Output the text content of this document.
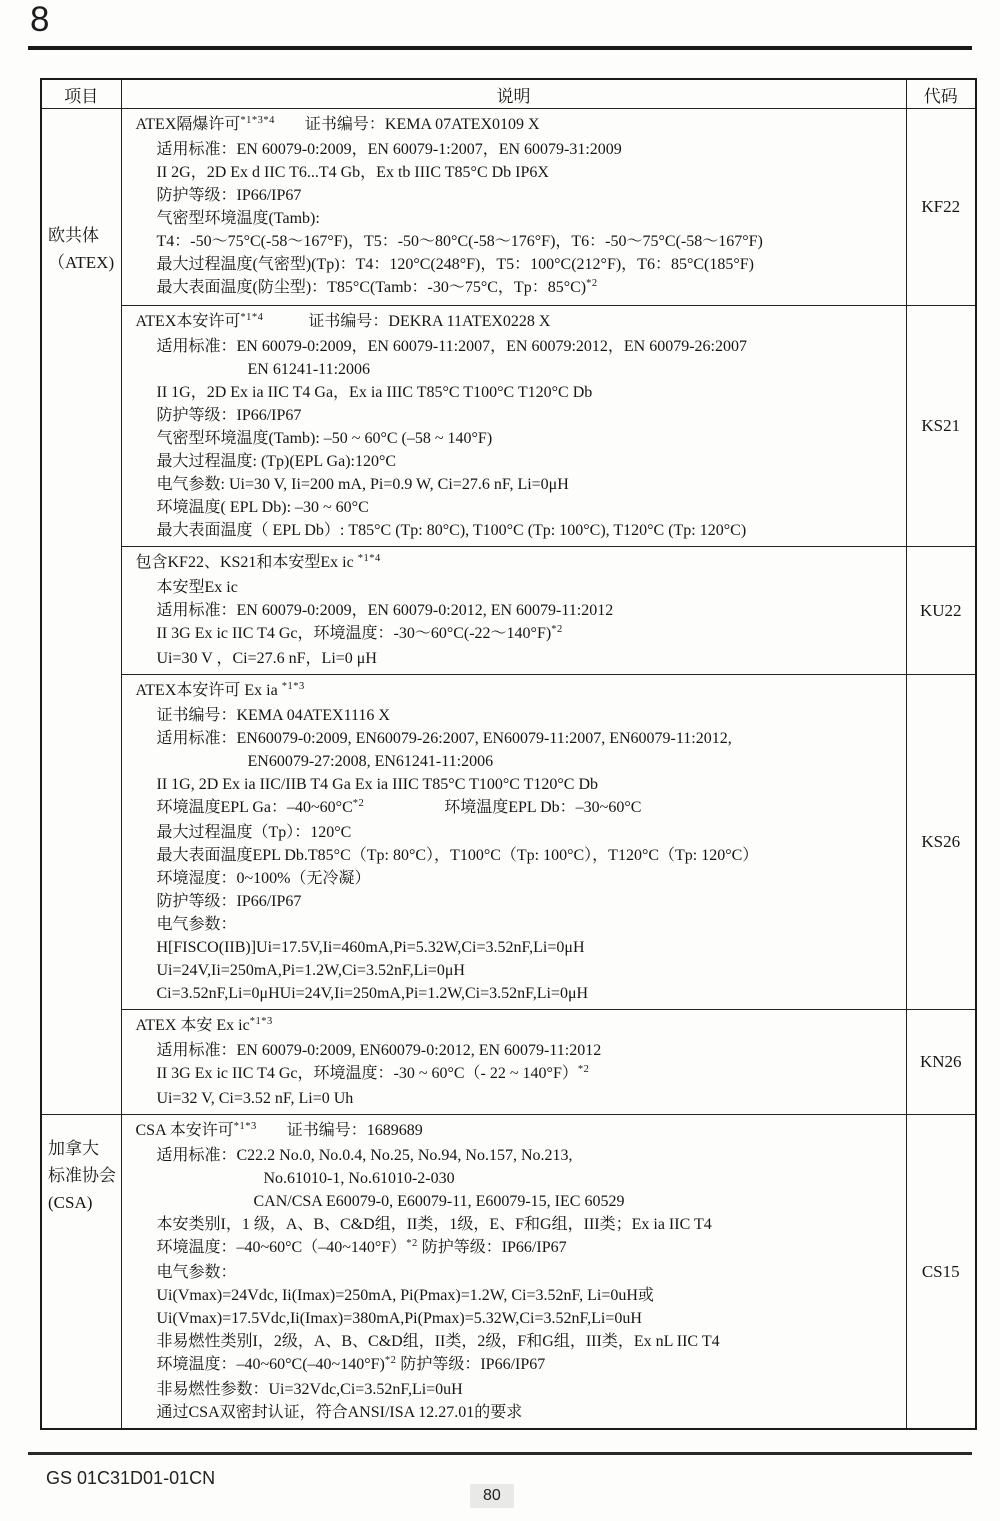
8
项目	说明	代码

欧共体
（ATEX)

ATEX隔爆许可$^{*1*3*4}$ 证书编号：KEMA 07ATEX0109 X
适用标准：EN 60079-0:2009，EN 60079-1:2007，EN 60079-31:2009
II 2G，2D Ex d IIC T6...T4 Gb，Ex tb IIIC T85°C Db IP6X
防护等级：IP66/IP67
气密型环境温度(Tamb):
T4：-50～75°C(-58～167°F)，T5：-50～80°C(-58～176°F)，T6：-50～75°C(-58～167°F)
最大过程温度(气密型)(Tp)：T4：120°C(248°F)，T5：100°C(212°F)，T6：85°C(185°F)
最大表面温度(防尘型)：T85°C(Tamb：-30～75°C，Tp：85°C)$^{*2}$
	KF22

ATEX本安许可$^{*1*4}$	证书编号：DEKRA 11ATEX0228 X
适用标准：EN 60079-0:2009，EN 60079-11:2007，EN 60079:2012，EN 60079-26:2007
EN 61241-11:2006
II 1G，2D Ex ia IIC T4 Ga，Ex ia IIIC T85°C T100°C T120°C Db
防护等级：IP66/IP67
气密型环境温度(Tamb): –50 ~ 60°C (–58 ~ 140°F)
最大过程温度: (Tp)(EPL Ga):120°C
电气参数: Ui=30 V, Ii=200 mA, Pi=0.9 W, Ci=27.6 nF, Li=0μH
环境温度( EPL Db): –30 ~ 60°C
最大表面温度（ EPL Db）: T85°C (Tp: 80°C), T100°C (Tp: 100°C), T120°C (Tp: 120°C)
	KS21

	包含KF22、KS21和本安型Ex ic $^{*1*4}$
本安型Ex ic
适用标准：EN 60079-0:2009，EN 60079-0:2012, EN 60079-11:2012
II 3G Ex ic IIC T4 Gc，环境温度：-30～60°C(-22～140°F)$^{*2}$
Ui=30 V ，Ci=27.6 nF，Li=0 μH	KU22

ATEX本安许可 Ex ia $^{*1*3}$
证书编号：KEMA 04ATEX1116 X
适用标准：EN60079-0:2009, EN60079-26:2007, EN60079-11:2007, EN60079-11:2012,
EN60079-27:2008, EN61241-11:2006
II 1G, 2D Ex ia IIC/IIB T4 Ga Ex ia IIIC T85°C T100°C T120°C Db
环境温度EPL Ga：$-40\sim 60^\circ C^{*2}$	环境温度EPL Db：–30~60°C
最大过程温度（Tp）：120°C
最大表面温度EPL Db.T85°C（Tp: 80°C），T100°C（Tp: 100°C），T120°C（Tp: 120°C）
环境湿度：0~100%（无冷凝）
防护等级：IP66/IP67
电气参数：
H[FISCO(IIB)]Ui=17.5V,Ii=460mA,Pi=5.32W,Ci=3.52nF,Li=0μH
Ui=24V,Ii=250mA,Pi=1.2W,Ci=3.52nF,Li=0μH
Ci=3.52nF,Li=0μHUi=24V,Ii=250mA,Pi=1.2W,Ci=3.52nF,Li=0μH
	KS26

	ATEX 本安 Ex $ic^{*1*3}$
适用标准：EN 60079-0:2009, EN60079-0:2012, EN 60079-11:2012
II 3G Ex ic IIC T4 Gc，环境温度：-30 ~ 60°C（- 22 ~ 140°F）$^{*2}$
Ui=32 V, Ci=3.52 nF, Li=0 Uh	KN26

加拿大
标准协会
(CSA)

CSA 本安许可$^{*1*3}$ 证书编号：1689689
适用标准：C22.2 No.0, No.0.4, No.25, No.94, No.157, No.213,
No.61010-1, No.61010-2-030
CAN/CSA E60079-0, E60079-11, E60079-15, IEC 60529
本安类别I，1 级，A、B、C&D组，II类，1级，E、F和G组，III类；Ex ia IIC T4
环境温度：–40~60°C（–40~140°F）$^{*2}$ 防护等级：IP66/IP67
电气参数：
Ui(Vmax)=24Vdc, Ii(Imax)=250mA, Pi(Pmax)=1.2W, Ci=3.52nF, Li=0uH或
Ui(Vmax)=17.5Vdc,Ii(Imax)=380mA,Pi(Pmax)=5.32W,Ci=3.52nF,Li=0uH
非易燃性类别I，2级，A、B、C&D组，II类，2级，F和G组，III类，Ex nL IIC T4
环境温度：–40~60°C(–40~140°F)$^{*2}$ 防护等级：IP66/IP67
非易燃性参数：Ui=32Vdc,Ci=3.52nF,Li=0uH
通过CSA双密封认证，符合ANSI/ISA 12.27.01的要求
	CS15
GS 01C31D01-01CN
80
